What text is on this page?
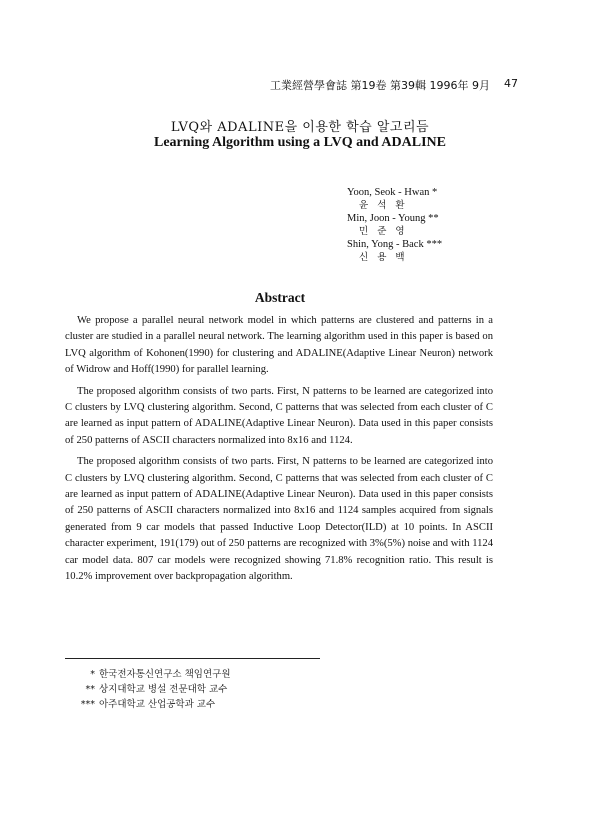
工業經營學會誌 第19卷 第39輯 1996年 9月 47
LVQ와 ADALINE을 이용한 학습 알고리듬
Learning Algorithm using a LVQ and ADALINE
Yoon, Seok - Hwan *
윤 석 환
Min, Joon - Young **
민 준 영
Shin, Yong - Back ***
신 용 백
Abstract

We propose a parallel neural network model in which patterns are clustered and patterns in a cluster are studied in a parallel neural network. The learning algorithm used in this paper is based on LVQ algorithm of Kohonen(1990) for clustering and ADALINE(Adaptive Linear Neuron) network of Widrow and Hoff(1990) for parallel learning.

The proposed algorithm consists of two parts. First, N patterns to be learned are categorized into C clusters by LVQ clustering algorithm. Second, C patterns that was selected from each cluster of C are learned as input pattern of ADALINE(Adaptive Linear Neuron). Data used in this paper consists of 250 patterns of ASCII characters normalized into 8x16 and 1124.

The proposed algorithm consists of two parts. First, N patterns to be learned are categorized into C clusters by LVQ clustering algorithm. Second, C patterns that was selected from each cluster of C are learned as input pattern of ADALINE(Adaptive Linear Neuron). Data used in this paper consists of 250 patterns of ASCII characters normalized into 8x16 and 1124 samples acquired from signals generated from 9 car models that passed Inductive Loop Detector(ILD) at 10 points. In ASCII character experiment, 191(179) out of 250 patterns are recognized with 3%(5%) noise and with 1124 car model data. 807 car models were recognized showing 71.8% recognition ratio. This result is 10.2% improvement over backpropagation algorithm.

* 한국전자통신연구소 책임연구원
** 상지대학교 병설 전문대학 교수
*** 아주대학교 산업공학과 교수
